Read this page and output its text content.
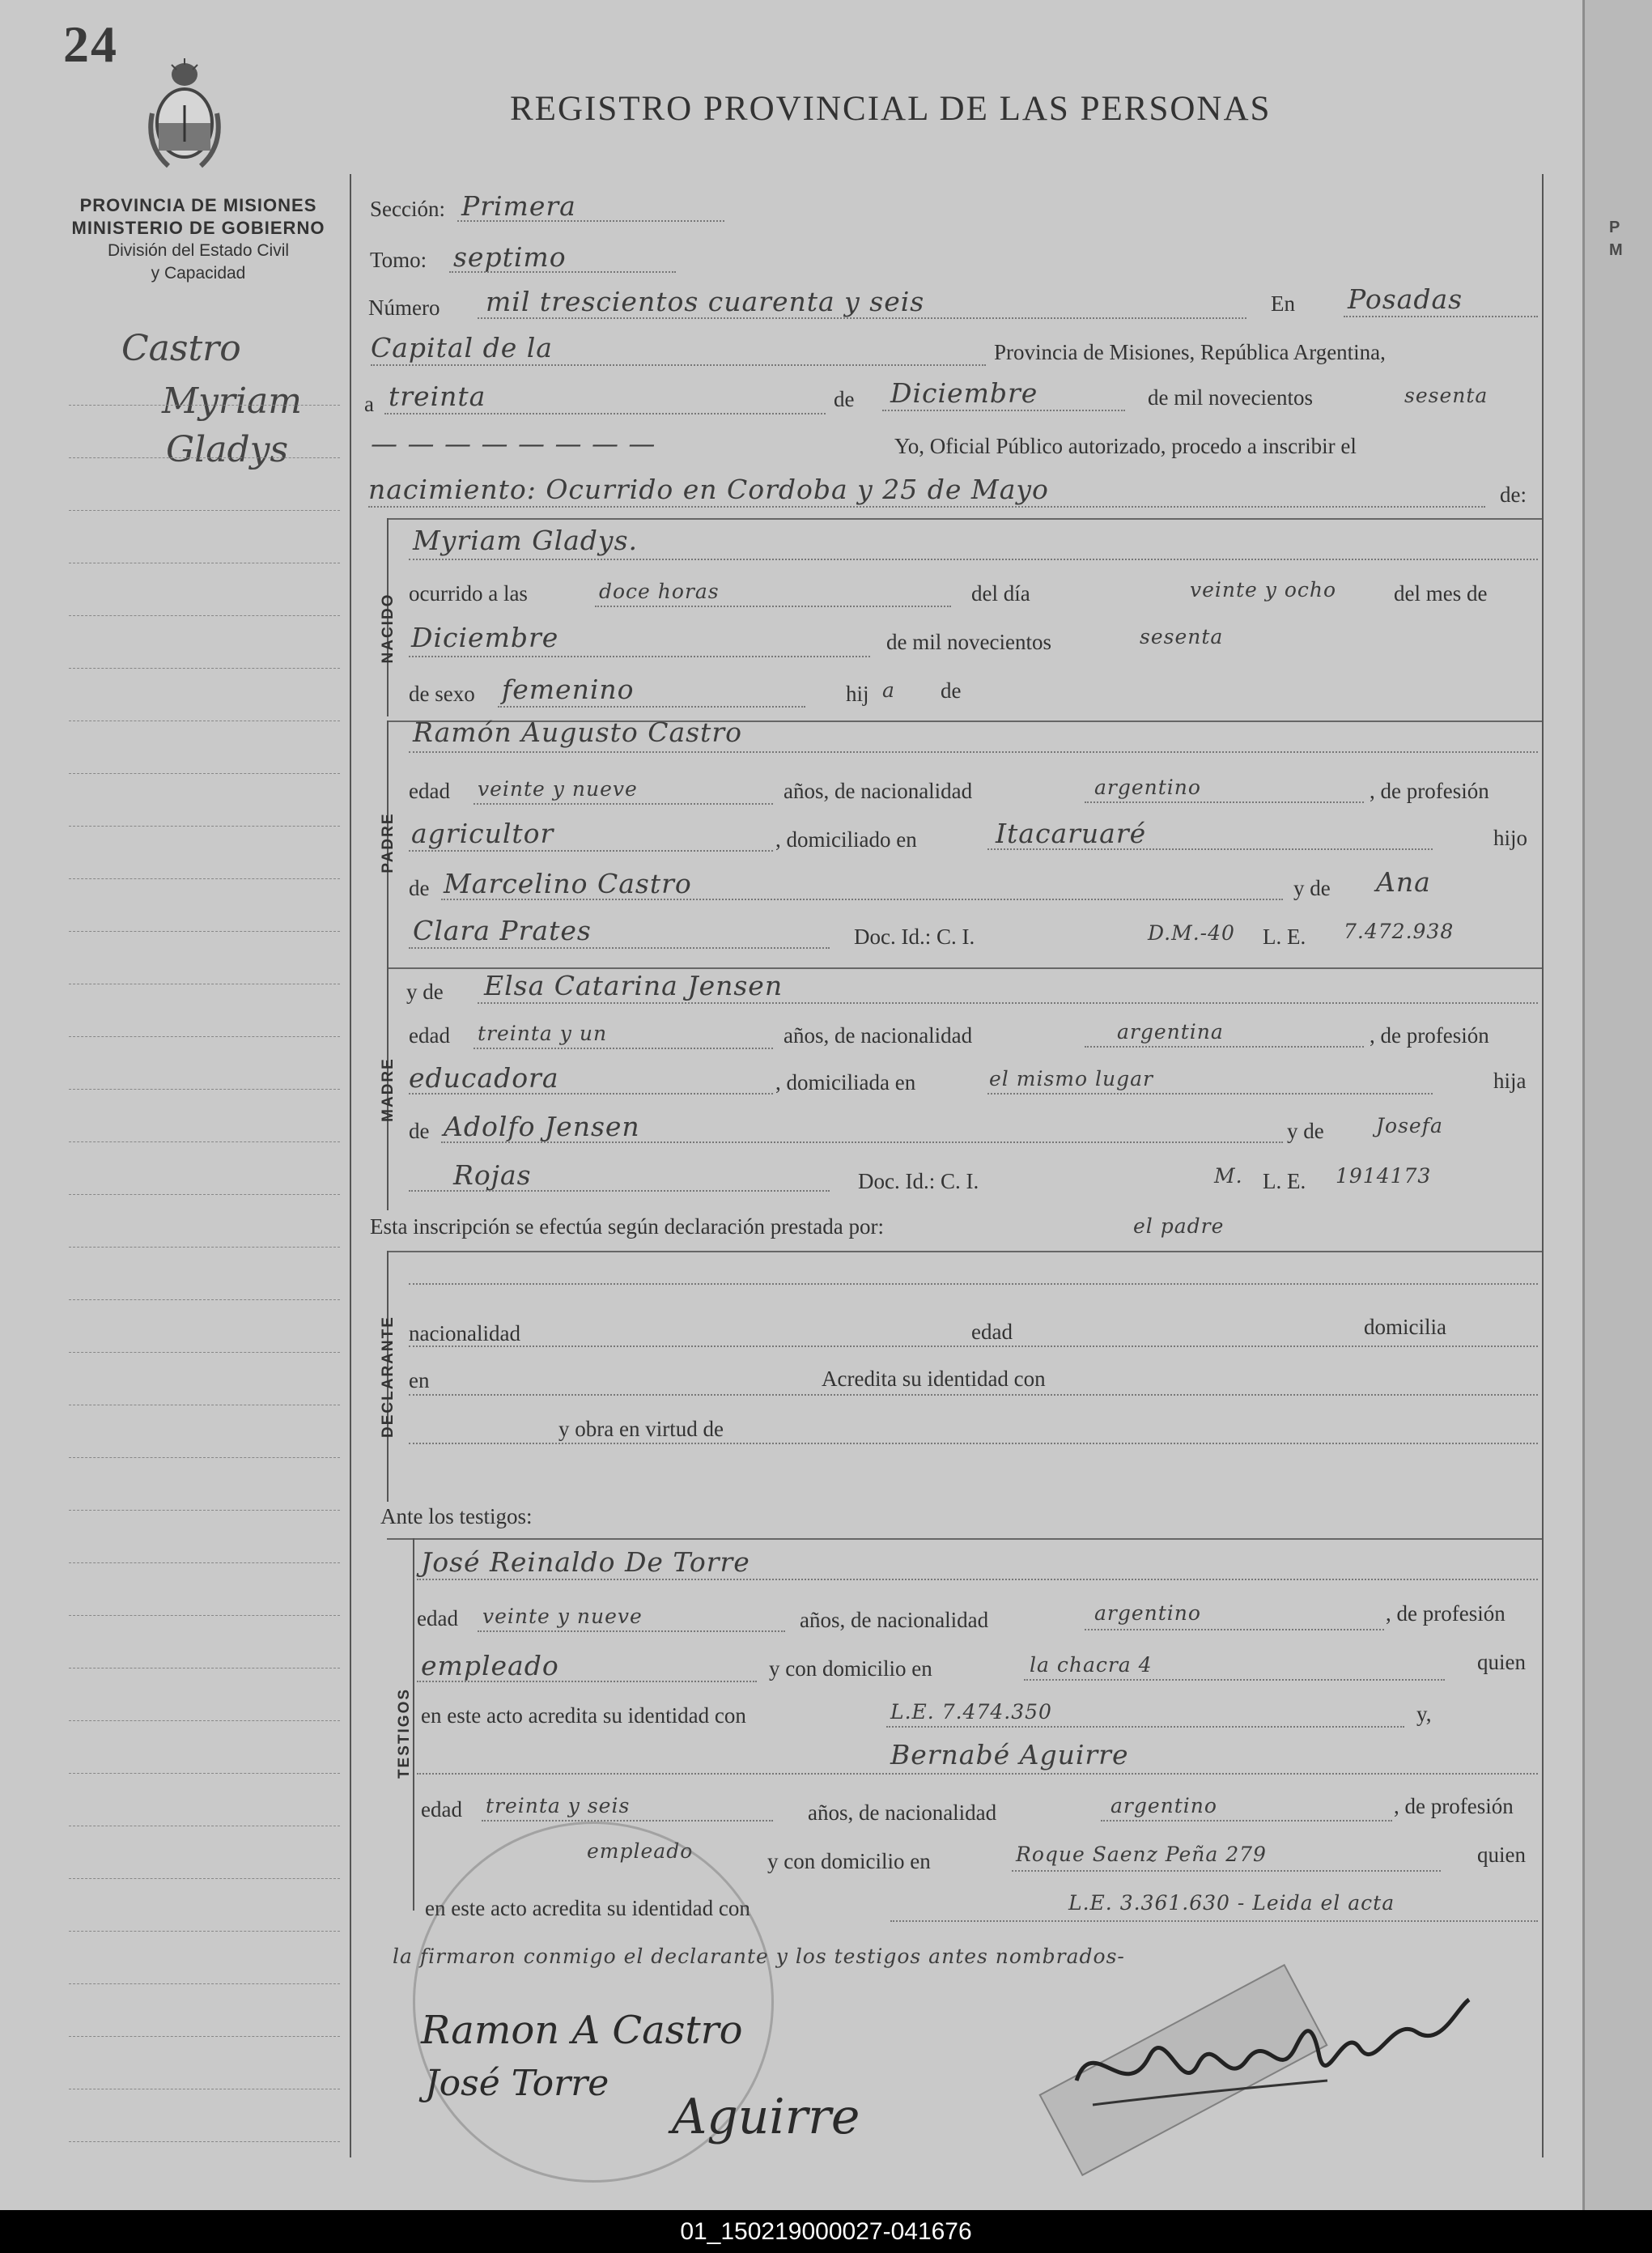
24
REGISTRO PROVINCIAL DE LAS PERSONAS
PROVINCIA DE MISIONES
MINISTERIO DE GOBIERNO
División del Estado Civil
y Capacidad
Castro
Myriam
Gladys
Sección: Primera
Tomo: septimo
Número mil trescientos cuarenta y seis	En Posadas
Capital de la	Provincia de Misiones, República Argentina,
a treinta	de Diciembre	de mil novecientos	sesenta
— — — — — — — —	Yo, Oficial Público autorizado, procedo a inscribir el
nacimiento: Ocurrido en Cordoba y 25 de Mayo	de:
NACIDO
Myriam Gladys.
ocurrido a las	doce horas	del día	veinte y ocho	del mes de
Diciembre	de mil novecientos	sesenta
de sexo femenino	hij a de
PADRE
Ramón Augusto Castro
edad veinte y nueve	años, de nacionalidad	argentino	, de profesión
agricultor	, domiciliado en	Itacaruaré	hijo
de Marcelino Castro	y de Ana
Clara Prates	Doc. Id.: C. I.	D.M.-40 L. E. 7.472.938
MADRE
y de Elsa Catarina Jensen
edad treinta y un	años, de nacionalidad	argentina	, de profesión
educadora	, domiciliada en	el mismo lugar	hija
de Adolfo Jensen	y de	Josefa
Rojas	Doc. Id.: C. I.	M. L. E. 1914173
Esta inscripción se efectúa según declaración prestada por:	el padre
DECLARANTE nacionalidad	edad	domicilia
en	Acredita su identidad con
y obra en virtud de
Ante los testigos:
TESTIGOS
José Reinaldo De Torre
edad veinte y nueve	años, de nacionalidad	argentino	, de profesión
empleado	y con domicilio en	la chacra 4	quien
en este acto acredita su identidad con	L.E. 7.474.350	y,
Bernabé Aguirre
edad treinta y seis	años, de nacionalidad	argentino	, de profesión
empleado	y con domicilio en	Roque Saenz Peña 279	quien
en este acto acredita su identidad con	L.E. 3.361.630 - Leida el acta
la firmaron conmigo el declarante y los testigos antes nombrados-
Ramon A Castro
José Torre
Aguirre
P
M
01_150219000027-041676
